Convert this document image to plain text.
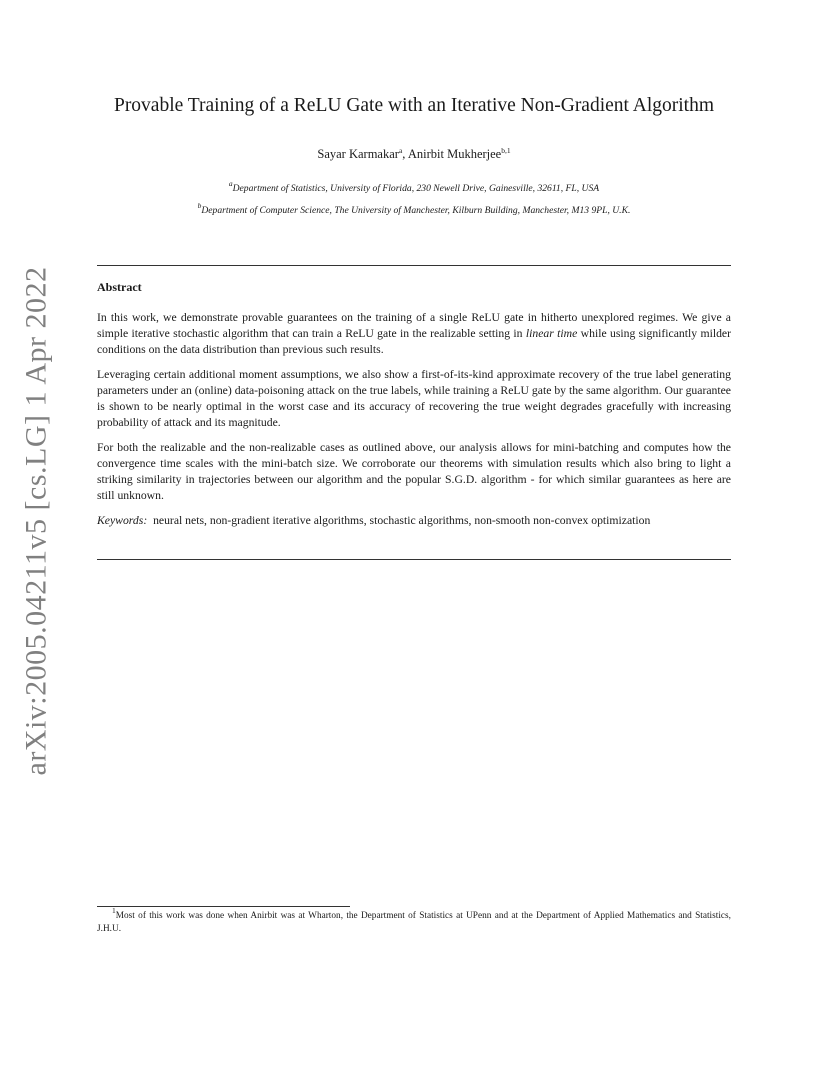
arXiv:2005.04211v5 [cs.LG] 1 Apr 2022
Provable Training of a ReLU Gate with an Iterative Non-Gradient Algorithm
Sayar Karmakar$^a$, Anirbit Mukherjee$^{b,1}$
$^a$Department of Statistics, University of Florida, 230 Newell Drive, Gainesville, 32611, FL, USA
$^b$Department of Computer Science, The University of Manchester, Kilburn Building, Manchester, M13 9PL, U.K.
Abstract

In this work, we demonstrate provable guarantees on the training of a single ReLU gate in hitherto unexplored regimes. We give a simple iterative stochastic algorithm that can train a ReLU gate in the realizable setting in linear time while using significantly milder conditions on the data distribution than previous such results.

Leveraging certain additional moment assumptions, we also show a first-of-its-kind approximate recovery of the true label generating parameters under an (online) data-poisoning attack on the true labels, while training a ReLU gate by the same algorithm. Our guarantee is shown to be nearly optimal in the worst case and its accuracy of recovering the true weight degrades gracefully with increasing probability of attack and its magnitude.

For both the realizable and the non-realizable cases as outlined above, our analysis allows for mini-batching and computes how the convergence time scales with the mini-batch size. We corroborate our theorems with simulation results which also bring to light a striking similarity in trajectories between our algorithm and the popular S.G.D. algorithm - for which similar guarantees as here are still unknown.

Keywords:  neural nets, non-gradient iterative algorithms, stochastic algorithms, non-smooth non-convex optimization

$^1$Most of this work was done when Anirbit was at Wharton, the Department of Statistics at UPenn and at the Department of Applied Mathematics and Statistics, J.H.U.
